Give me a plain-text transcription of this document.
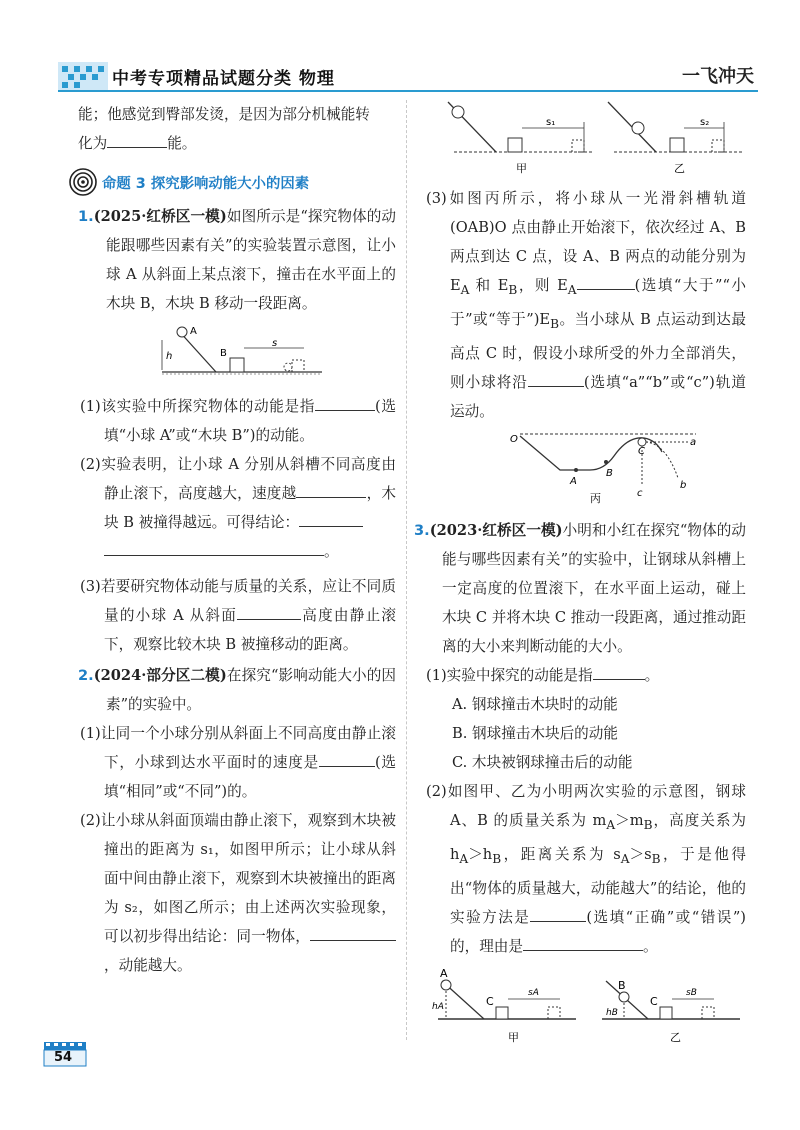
中考专项精品试题分类 物理	一飞冲天

能；他感觉到臀部发烫，是因为部分机械能转
化为	能。

命题 3 探究影响动能大小的因素

1.(2025·红桥区一模)如图所示是“探究物体的动能跟哪些因素有关”的实验装置示意图，让小球 A 从斜面上某点滚下，撞击在水平面上的木块 B，木块 B 移动一段距离。

A
h	B
s

(1)该实验中所探究物体的动能是指	(选填“小球 A”或“木块 B”)的动能。

(2)实验表明，让小球 A 分别从斜槽不同高度由静止滚下，高度越大，速度越	，木块 B 被撞得越远。可得结论：
。

(3)若要研究物体动能与质量的关系，应让不同质量的小球 A 从斜面	高度由静止滚下，观察比较木块 B 被撞移动的距离。

2.(2024·部分区二模)在探究“影响动能大小的因素”的实验中。

(1)让同一个小球分别从斜面上不同高度由静止滚下，小球到达水平面时的速度是	(选填“相同”或“不同”)的。

(2)让小球从斜面顶端由静止滚下，观察到木块被撞出的距离为 s₁，如图甲所示；让小球从斜面中间由静止滚下，观察到木块被撞出的距离为 s₂，如图乙所示；由上述两次实验现象，可以初步得出结论：同一物体，，动能越大。

s₁
甲
s₂
乙

(3)如图丙所示，将小球从一光滑斜槽轨道(OAB)O 点由静止开始滚下，依次经过 A、B 两点到达 C 点，设 A、B 两点的动能分别为 $E_A$ 和 $E_B$，则 $E_A$	(选填“大于”“小于”或“等于$”)E_B$。当小球从 B 点运动到达最高点 C 时，假设小球所受的外力全部消失，则小球将沿	(选填“a”“b”或“c”)轨道运动。

O
A
B
C
a
b
c
丙

3.(2023·红桥区一模)小明和小红在探究“物体的动能与哪些因素有关”的实验中，让钢球从斜槽上一定高度的位置滚下，在水平面上运动，碰上木块 C 并将木块 C 推动一段距离，通过推动距离的大小来判断动能的大小。

(1)实验中探究的动能是指	。

A. 钢球撞击木块时的动能

B. 钢球撞击木块后的动能

C. 木块被钢球撞击后的动能

(2)如图甲、乙为小明两次实验的示意图，钢球 A、B 的质量关系为 $m_A>m_B$，高度关系为 $h_A>h_B$，距离关系为 $s_A>s_B$，于是他得出“物体的质量越大，动能越大”的结论，他的实验方法是	(选填“正确”或“错误”)的，理由是	。

A
hA	C
sA
甲
B
hB
C
sB
乙
54
